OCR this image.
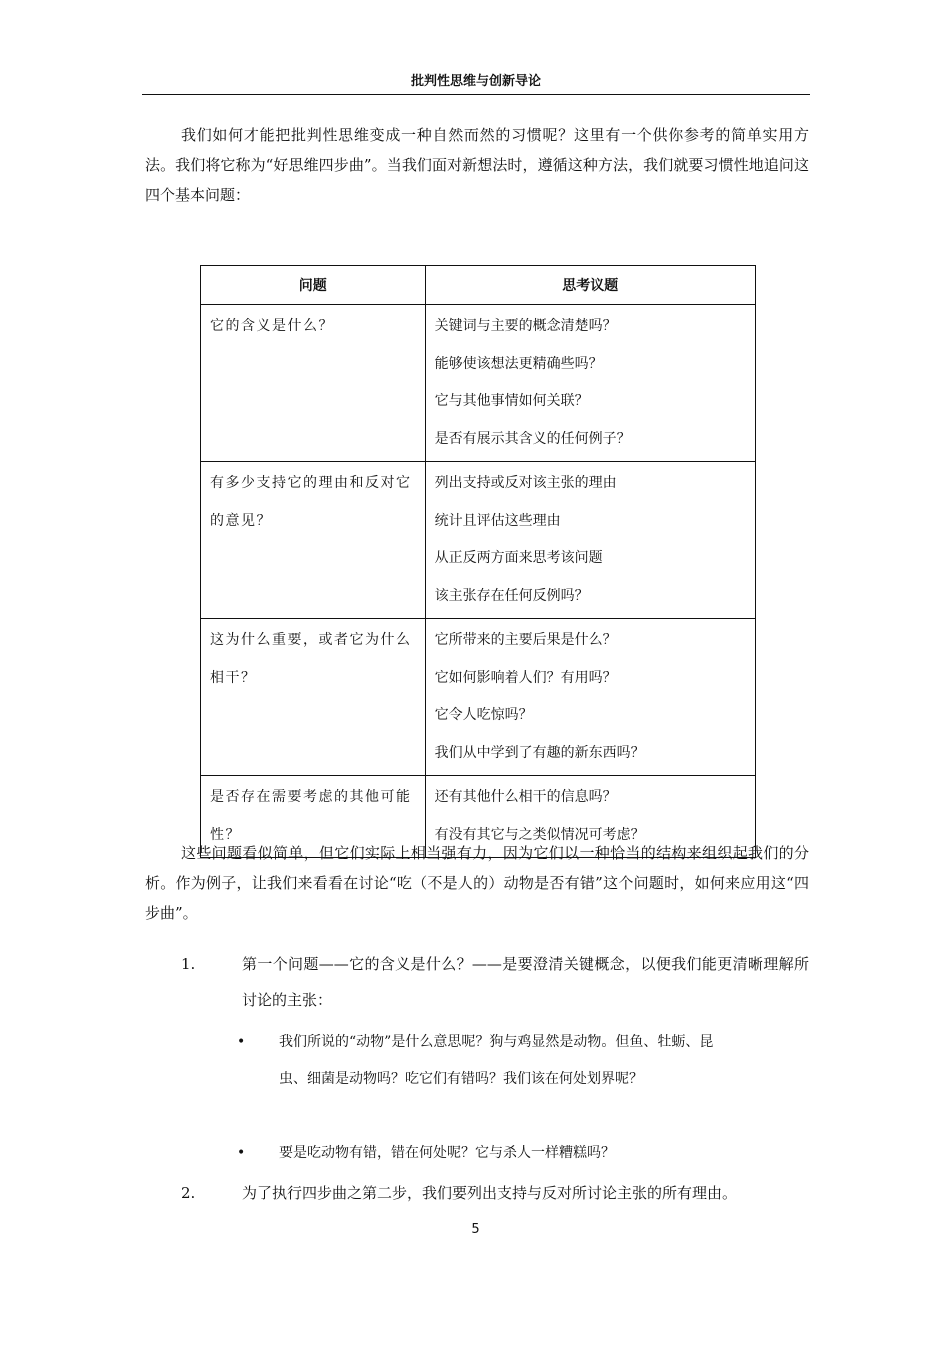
批判性思维与创新导论

我们如何才能把批判性思维变成一种自然而然的习惯呢？这里有一个供你参考的简单实用方法。我们将它称为“好思维四步曲”。当我们面对新想法时，遵循这种方法，我们就要习惯性地追问这四个基本问题：

问题	思考议题
它的含义是什么？	关键词与主要的概念清楚吗？
能够使该想法更精确些吗？
它与其他事情如何关联？
是否有展示其含义的任何例子？

有多少支持它的理由和反对它的意见？	列出支持或反对该主张的理由
统计且评估这些理由
从正反两方面来思考该问题
该主张存在任何反例吗？

这为什么重要，或者它为什么相干？	它所带来的主要后果是什么？
它如何影响着人们？有用吗？
它令人吃惊吗？
我们从中学到了有趣的新东西吗？

是否存在需要考虑的其他可能性？	还有其他什么相干的信息吗？
有没有其它与之类似情况可考虑？

这些问题看似简单，但它们实际上相当强有力，因为它们以一种恰当的结构来组织起我们的分析。作为例子，让我们来看看在讨论“吃（不是人的）动物是否有错”这个问题时，如何来应用这“四步曲”。

1.	第一个问题——它的含义是什么？——是要澄清关键概念，以便我们能更清晰理解所讨论的主张：
• 我们所说的“动物”是什么意思呢？狗与鸡显然是动物。但鱼、牡蛎、昆虫、细菌是动物吗？吃它们有错吗？我们该在何处划界呢？
• 要是吃动物有错，错在何处呢？它与杀人一样糟糕吗？
2.	为了执行四步曲之第二步，我们要列出支持与反对所讨论主张的所有理由。
5
